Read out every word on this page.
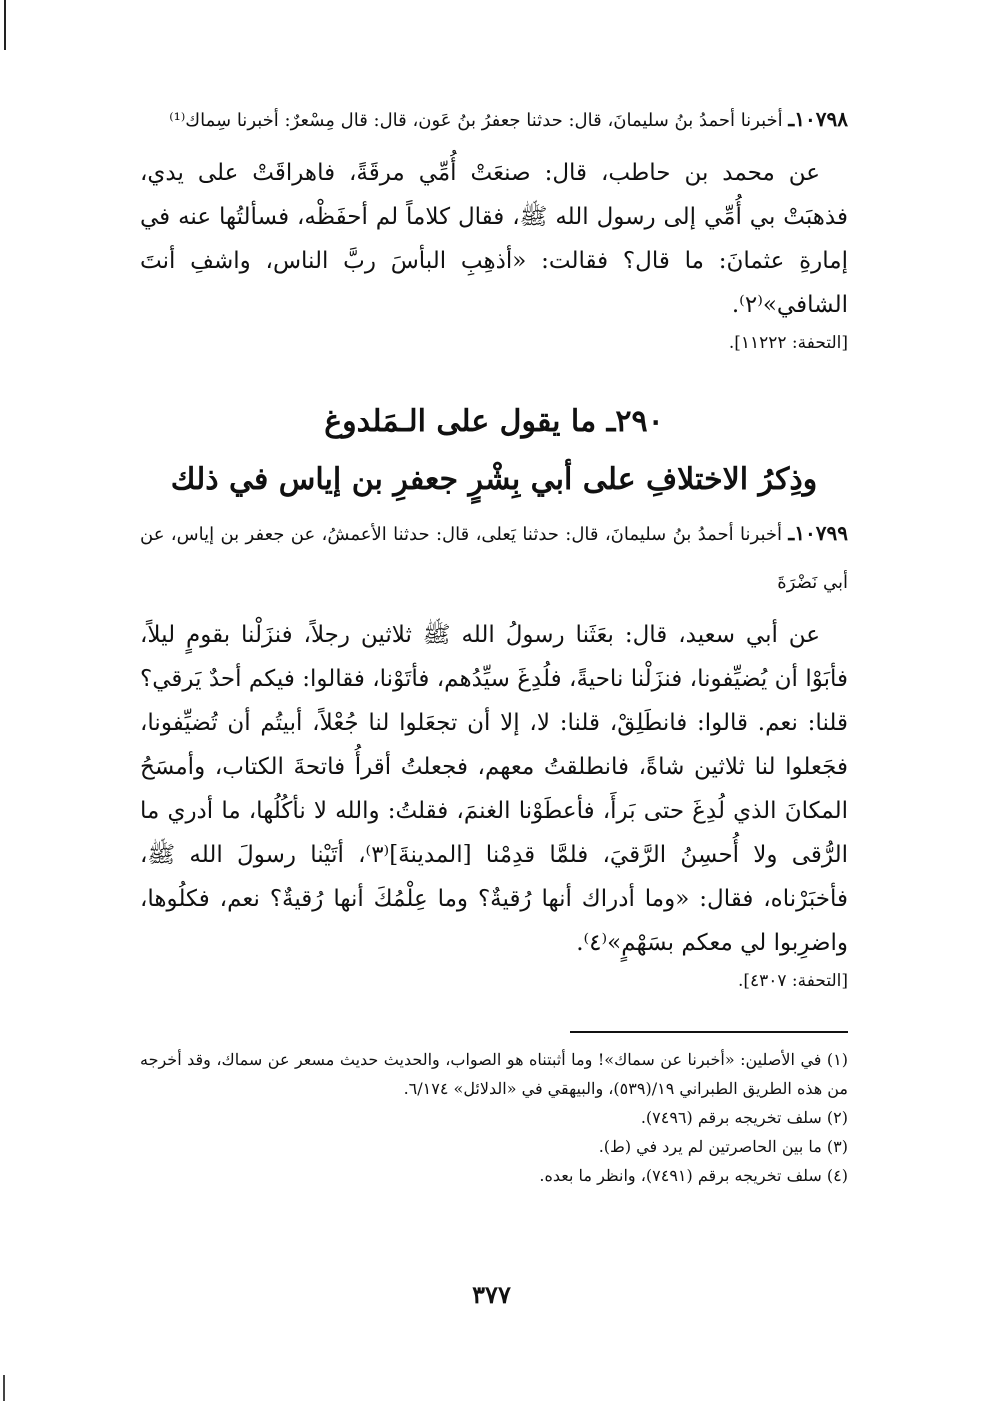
١٠٧٩٨ـ أخبرنا أحمدُ بنُ سليمانَ، قال: حدثنا جعفرُ بنُ عَون، قال: قال مِسْعرٌ: أخبرنا سِماك⁽¹⁾

عن محمد بن حاطب، قال: صنعَتْ أُمِّي مرقَةً، فاهراقَتْ على يدي، فذهبَتْ بي أُمِّي إلى رسول الله ﷺ، فقال كلاماً لم أحفَظْه، فسألتُها عنه في إمارةِ عثمانَ: ما قال؟ فقالت: «أذهِبِ البأسَ ربَّ الناس، واشفِ أنتَ الشافي»⁽٢⁾.

[التحفة: ١١٢٢٢].

٢٩٠ـ ما يقول على الـمَلدوغ
وذِكرُ الاختلافِ على أبي بِشْرٍ جعفرِ بن إياس في ذلك

١٠٧٩٩ـ أخبرنا أحمدُ بنُ سليمانَ، قال: حدثنا يَعلى، قال: حدثنا الأعمشُ، عن جعفر بن إياس، عن أبي نَضْرَةَ

عن أبي سعيد، قال: بعَثَنا رسولُ الله ﷺ ثلاثين رجلاً، فنزَلْنا بقومٍ ليلاً، فأبَوْا أن يُضيِّفونا، فنزَلْنا ناحيةً، فلُدِغَ سيِّدُهم، فأتَوْنا، فقالوا: فيكم أحدٌ يَرقي؟ قلنا: نعم. قالوا: فانطَلِقْ، قلنا: لا، إلا أن تجعَلوا لنا جُعْلاً، أبيتُم أن تُضيِّفونا، فجَعلوا لنا ثلاثين شاةً، فانطلقتُ معهم، فجعلتُ أقرأُ فاتحةَ الكتاب، وأمسَحُ المكانَ الذي لُدِغَ حتى بَرأَ، فأعطَوْنا الغنمَ، فقلتُ: والله لا نأكُلُها، ما أدري ما الرُّقى ولا أُحسِنُ الرَّقيَ، فلمَّا قدِمْنا [المدينةَ]⁽٣⁾، أتَيْنا رسولَ الله ﷺ، فأخبَرْناه، فقال: «وما أدراك أنها رُقيةٌ؟ وما عِلْمُكَ أنها رُقيةٌ؟ نعم، فكلُوها، واضرِبوا لي معكم بسَهْمٍ»⁽٤⁾.

[التحفة: ٤٣٠٧].

(١) في الأصلين: «أخبرنا عن سماك»! وما أثبتناه هو الصواب، والحديث حديث مسعر عن سماك، وقد أخرجه من هذه الطريق الطبراني ١٩/(٥٣٩)، والبيهقي في «الدلائل» ٦/١٧٤.

(٢) سلف تخريجه برقم (٧٤٩٦).

(٣) ما بين الحاصرتين لم يرد في (ط).

(٤) سلف تخريجه برقم (٧٤٩١)، وانظر ما بعده.

٣٧٧
